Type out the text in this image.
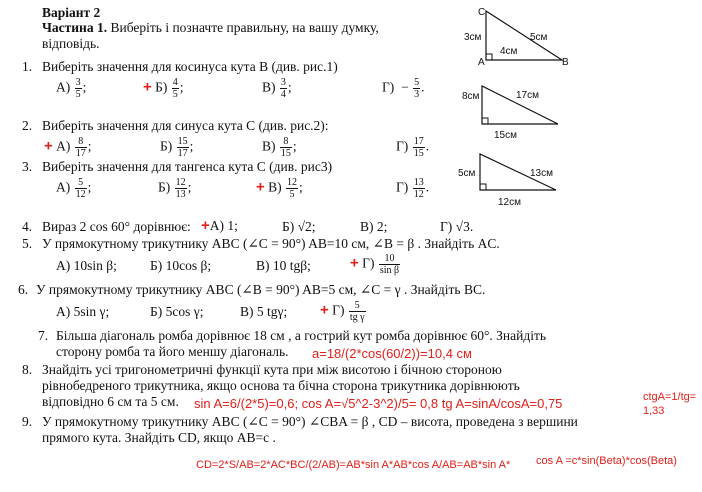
Варіант 2
Частина 1. Виберіть і позначте правильну, на вашу думку,
відповідь.
1. Виберіть значення для косинуса кута B (див. рис.1)
$А) \frac{3}{5}$ ;	+ $Б) \frac{4}{5}$ ;	$В) \frac{3}{4}$ ;	$Г) - \frac{5}{3}$ .
2. Виберіть значення для синуса кута C (див. рис.2):
+ $А) \frac{8}{17}$ ;	$Б) \frac{15}{17}$ ;	$В) \frac{8}{15}$ ;	$Г) \frac{17}{15}$ .
3. Виберіть значення для тангенса кута C (див. рис3)
$А) \frac{5}{12}$ ;	$Б) \frac{12}{13}$ ;	+ $В) \frac{12}{5}$ ;	$Г) \frac{13}{12}$ .
4. Вираз 2 cos 60° дорівнює: +А) 1;	Б) √2;	В) 2;	Г) √3.
5. У прямокутному трикутнику ABC (∠C = 90°) AB=10 см, ∠B = β . Знайдіть AC.
А) 10sin β; Б) 10cos β;	В) 10 tgβ;	+ $Г) \frac{10}{\text{sin β}}$
6. У прямокутному трикутнику ABC (∠B = 90°) AB=5 см, ∠C = γ . Знайдіть BC.
А) 5sin γ;	Б) 5cos γ;	В) 5 tgγ; + $Г) \frac{5}{\text{tg γ}}$
7. Більша діагональ ромба дорівнює 18 см , а гострий кут ромба дорівнює 60°. Знайдіть
сторону ромба та його меншу діагональ. a=18/(2*cos(60/2))=10,4 см
8. Знайдіть усі тригонометричні функції кута при між висотою і бічною стороною
рівнобедреного трикутника, якщо основа та бічна сторона трикутника дорівнюють
відповідно 6 см та 5 см. sin A=6/(2*5)=0,6; cos A=√5^2-3^2)/5= 0,8 tg A=sinA/cosA=0,75	ctgA=1/tg=
1,33
9. У прямокутному трикутнику ABC (∠C = 90°) ∠CBA = β , CD – висота, проведена з вершини
прямого кута. Знайдіть CD, якщо AB=c .
CD=2*S/AB=2*AC*BC/(2/AB)=AB*sin A*AB*cos A/AB=AB*sin A* cos A =c*sin(Beta)*cos(Beta)
C
A	B
3см
4см
5см
8см	17см
15см
5см	13см
12см
